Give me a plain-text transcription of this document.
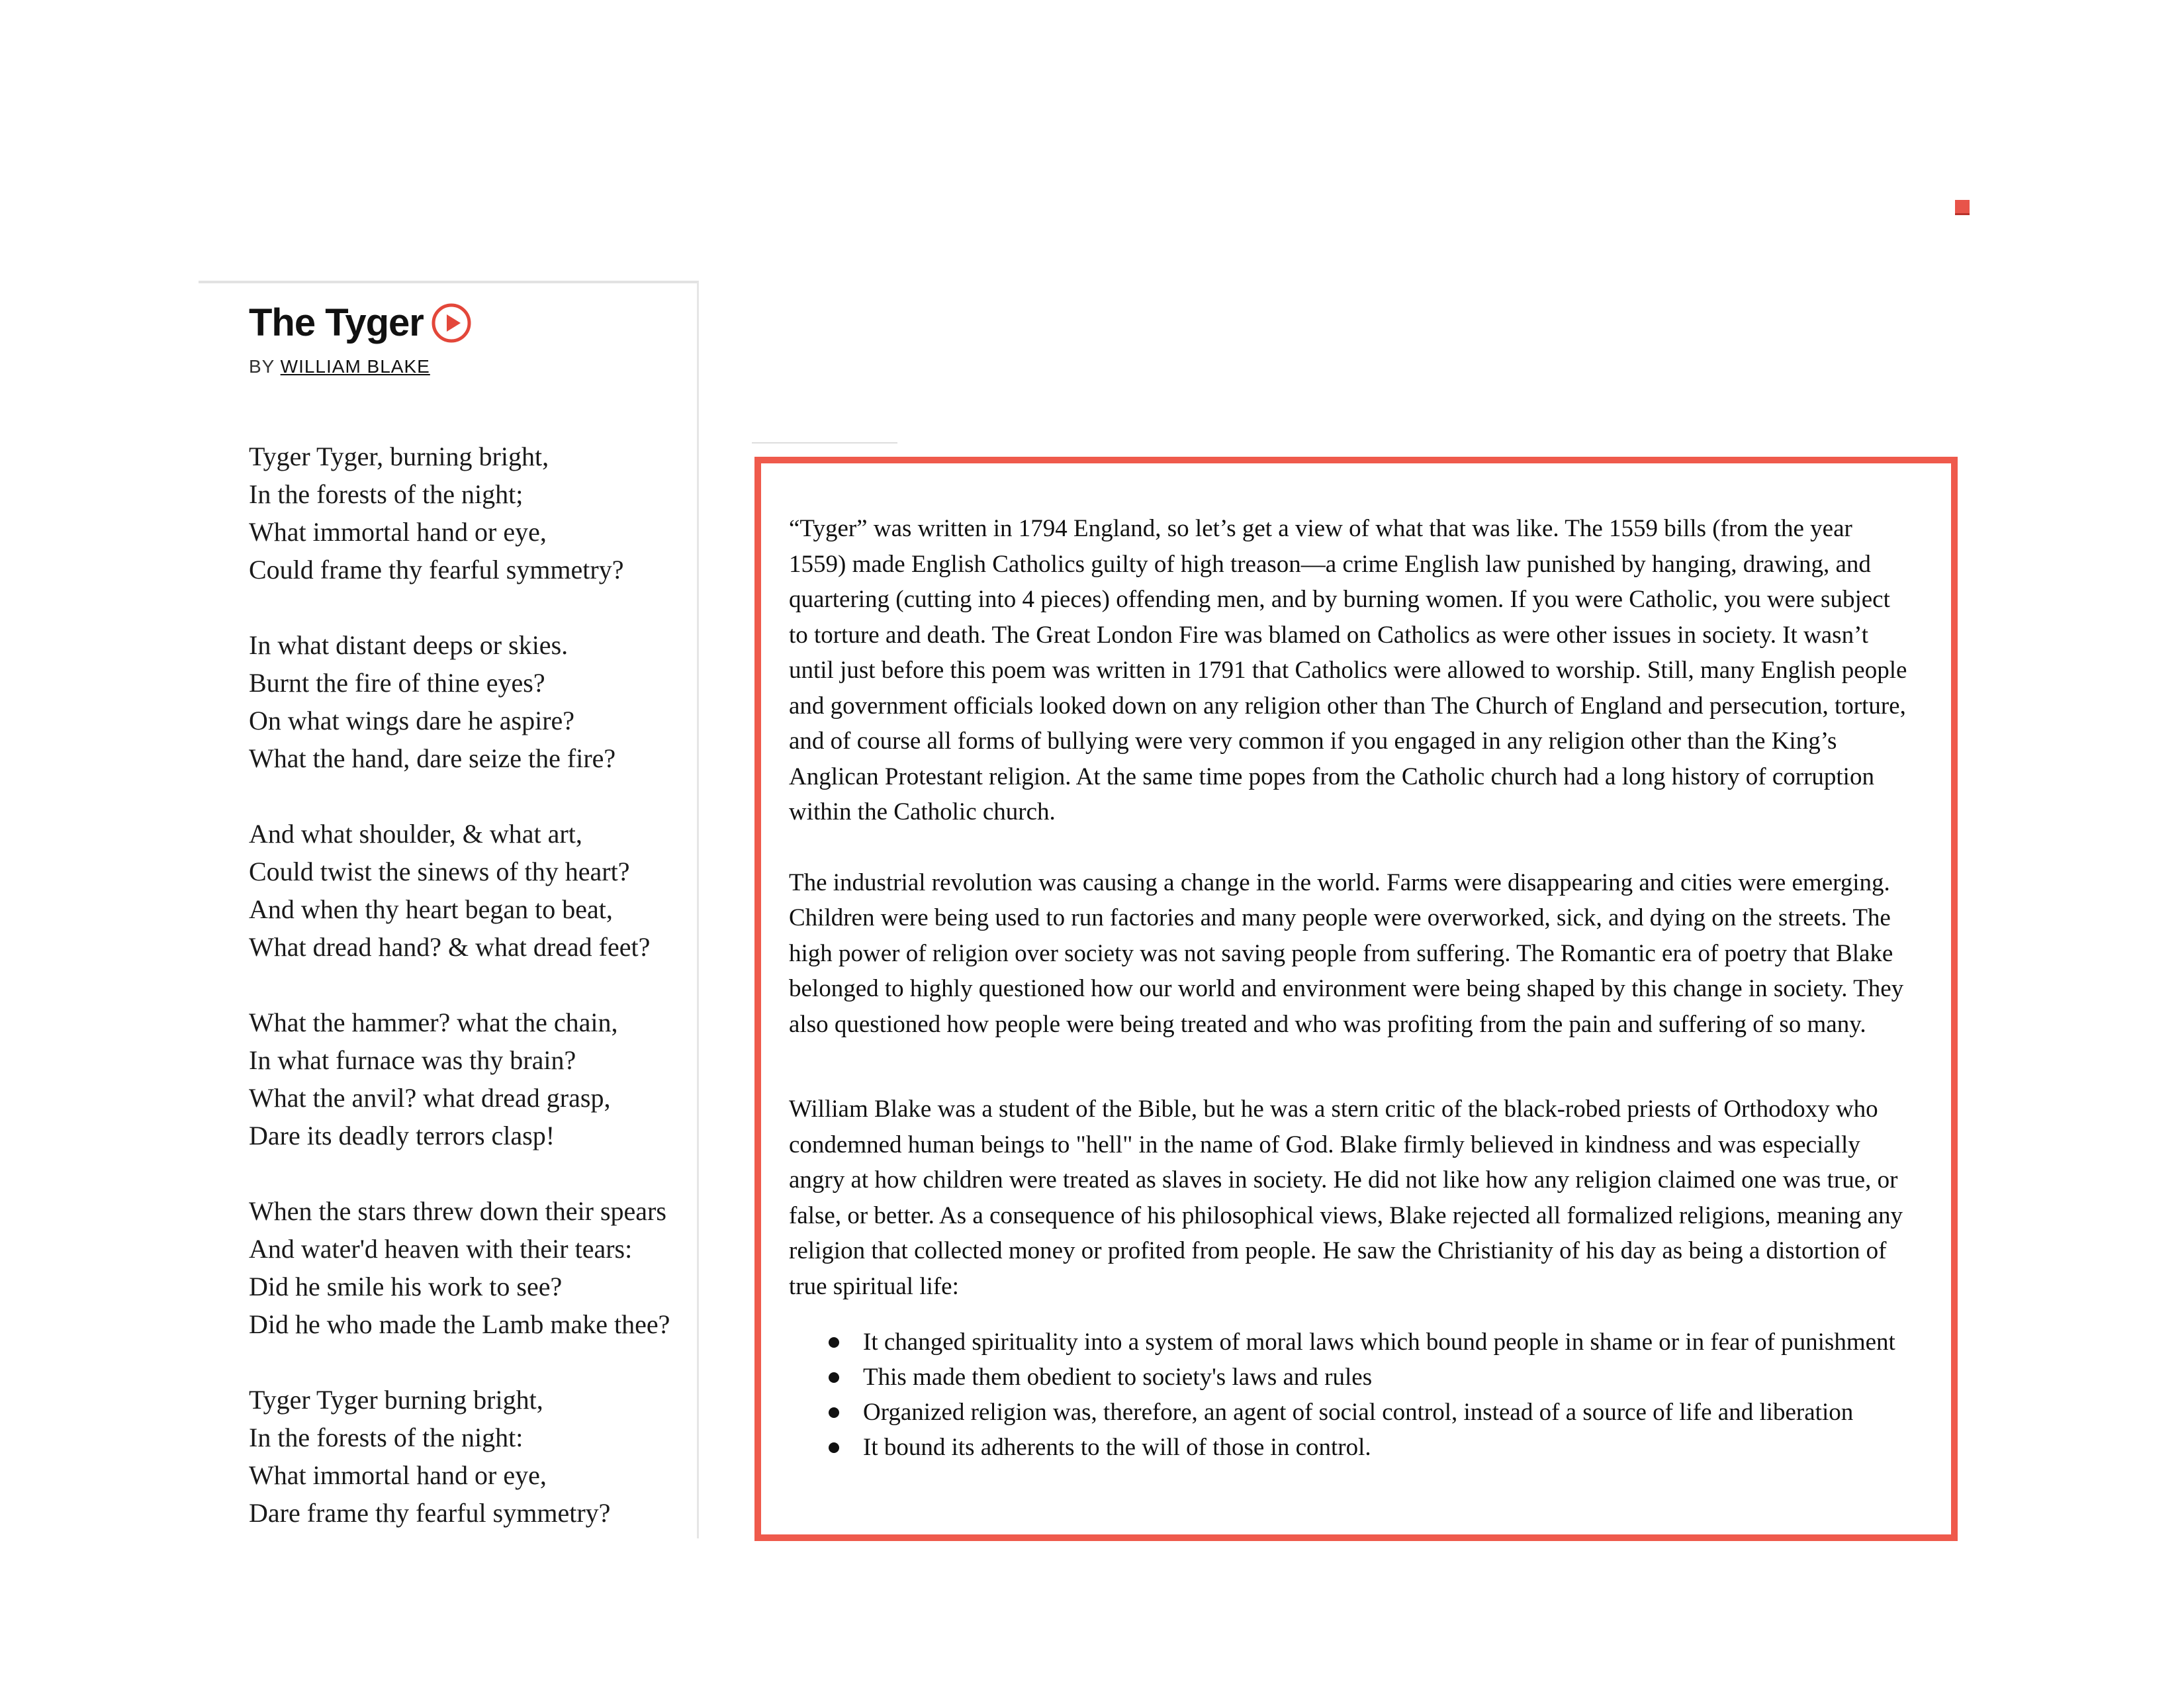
The Tyger
BY WILLIAM BLAKE
Tyger Tyger, burning bright,
In the forests of the night;
What immortal hand or eye,
Could frame thy fearful symmetry?
In what distant deeps or skies.
Burnt the fire of thine eyes?
On what wings dare he aspire?
What the hand, dare seize the fire?
And what shoulder, & what art,
Could twist the sinews of thy heart?
And when thy heart began to beat,
What dread hand? & what dread feet?
What the hammer? what the chain,
In what furnace was thy brain?
What the anvil? what dread grasp,
Dare its deadly terrors clasp!
When the stars threw down their spears
And water'd heaven with their tears:
Did he smile his work to see?
Did he who made the Lamb make thee?
Tyger Tyger burning bright,
In the forests of the night:
What immortal hand or eye,
Dare frame thy fearful symmetry?

“Tyger” was written in 1794 England, so let’s get a view of what that was like. The 1559 bills (from the year 1559) made English Catholics guilty of high treason—a crime English law punished by hanging, drawing, and quartering (cutting into 4 pieces) offending men, and by burning women. If you were Catholic, you were subject to torture and death. The Great London Fire was blamed on Catholics as were other issues in society. It wasn’t until just before this poem was written in 1791 that Catholics were allowed to worship. Still, many English people and government officials looked down on any religion other than The Church of England and persecution, torture, and of course all forms of bullying were very common if you engaged in any religion other than the King’s Anglican Protestant religion. At the same time popes from the Catholic church had a long history of corruption within the Catholic church.

The industrial revolution was causing a change in the world. Farms were disappearing and cities were emerging. Children were being used to run factories and many people were overworked, sick, and dying on the streets. The high power of religion over society was not saving people from suffering. The Romantic era of poetry that Blake belonged to highly questioned how our world and environment were being shaped by this change in society. They also questioned how people were being treated and who was profiting from the pain and suffering of so many.

William Blake was a student of the Bible, but he was a stern critic of the black-robed priests of Orthodoxy who condemned human beings to "hell" in the name of God. Blake firmly believed in kindness and was especially angry at how children were treated as slaves in society. He did not like how any religion claimed one was true, or false, or better. As a consequence of his philosophical views, Blake rejected all formalized religions, meaning any religion that collected money or profited from people. He saw the Christianity of his day as being a distortion of true spiritual life:

It changed spirituality into a system of moral laws which bound people in shame or in fear of punishment
This made them obedient to society's laws and rules
Organized religion was, therefore, an agent of social control, instead of a source of life and liberation
It bound its adherents to the will of those in control.
